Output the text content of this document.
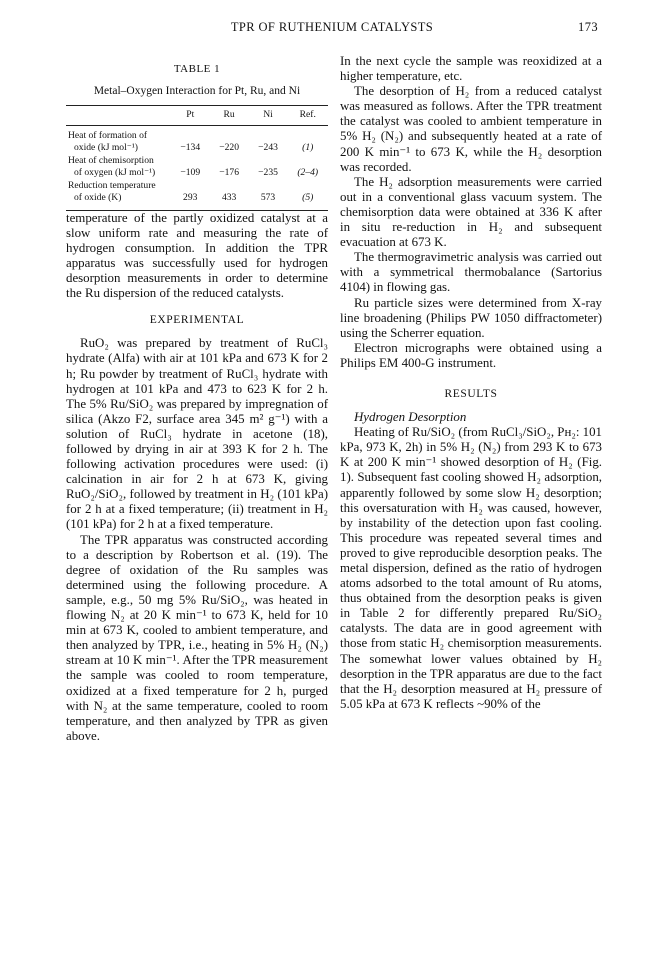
TPR OF RUTHENIUM CATALYSTS	173
TABLE 1
Metal–Oxygen Interaction for Pt, Ru, and Ni
	Pt	Ru	Ni	Ref.

Heat of formation of				
oxide (kJ mol⁻¹)	−134	−220	−243	(1)
Heat of chemisorption				
of oxygen (kJ mol⁻¹)	−109	−176	−235	(2–4)
Reduction temperature				
of oxide (K)	293	433	573	(5)

temperature of the partly oxidized catalyst at a slow uniform rate and measuring the rate of hydrogen consumption. In addition the TPR apparatus was successfully used for hydrogen desorption measurements in order to determine the Ru dispersion of the reduced catalysts.

EXPERIMENTAL

RuO₂ was prepared by treatment of RuCl₃ hydrate (Alfa) with air at 101 kPa and 673 K for 2 h; Ru powder by treatment of RuCl₃ hydrate with hydrogen at 101 kPa and 473 to 623 K for 2 h. The 5% Ru/SiO₂ was prepared by impregnation of silica (Akzo F2, surface area 345 m² g⁻¹) with a solution of RuCl₃ hydrate in acetone (18), followed by drying in air at 393 K for 2 h. The following activation procedures were used: (i) calcination in air for 2 h at 673 K, giving RuO₂/SiO₂, followed by treatment in H₂ (101 kPa) for 2 h at a fixed temperature; (ii) treatment in H₂ (101 kPa) for 2 h at a fixed temperature.

The TPR apparatus was constructed according to a description by Robertson et al. (19). The degree of oxidation of the Ru samples was determined using the following procedure. A sample, e.g., 50 mg 5% Ru/SiO₂, was heated in flowing N₂ at 20 K min⁻¹ to 673 K, held for 10 min at 673 K, cooled to ambient temperature, and then analyzed by TPR, i.e., heating in 5% H₂ (N₂) stream at 10 K min⁻¹. After the TPR measurement the sample was cooled to room temperature, oxidized at a fixed temperature for 2 h, purged with N₂ at the same temperature, cooled to room temperature, and then analyzed by TPR as given above.

In the next cycle the sample was reoxidized at a higher temperature, etc.

The desorption of H₂ from a reduced catalyst was measured as follows. After the TPR treatment the catalyst was cooled to ambient temperature in 5% H₂ (N₂) and subsequently heated at a rate of 200 K min⁻¹ to 673 K, while the H₂ desorption was recorded.

The H₂ adsorption measurements were carried out in a conventional glass vacuum system. The chemisorption data were obtained at 336 K after in situ re-reduction in H₂ and subsequent evacuation at 673 K.

The thermogravimetric analysis was carried out with a symmetrical thermobalance (Sartorius 4104) in flowing gas.

Ru particle sizes were determined from X-ray line broadening (Philips PW 1050 diffractometer) using the Scherrer equation.

Electron micrographs were obtained using a Philips EM 400-G instrument.

RESULTS

Hydrogen Desorption

Heating of Ru/SiO₂ (from RuCl₃/SiO₂, Pʜ₂: 101 kPa, 973 K, 2h) in 5% H₂ (N₂) from 293 K to 673 K at 200 K min⁻¹ showed desorption of H₂ (Fig. 1). Subsequent fast cooling showed H₂ adsorption, apparently followed by some slow H₂ desorption; this oversaturation with H₂ was caused, however, by instability of the detection upon fast cooling. This procedure was repeated several times and proved to give reproducible desorption peaks. The metal dispersion, defined as the ratio of hydrogen atoms adsorbed to the total amount of Ru atoms, thus obtained from the desorption peaks is given in Table 2 for differently prepared Ru/SiO₂ catalysts. The data are in good agreement with those from static H₂ chemisorption measurements. The somewhat lower values obtained by H₂ desorption in the TPR apparatus are due to the fact that the H₂ desorption measured at H₂ pressure of 5.05 kPa at 673 K reflects ~90% of the
